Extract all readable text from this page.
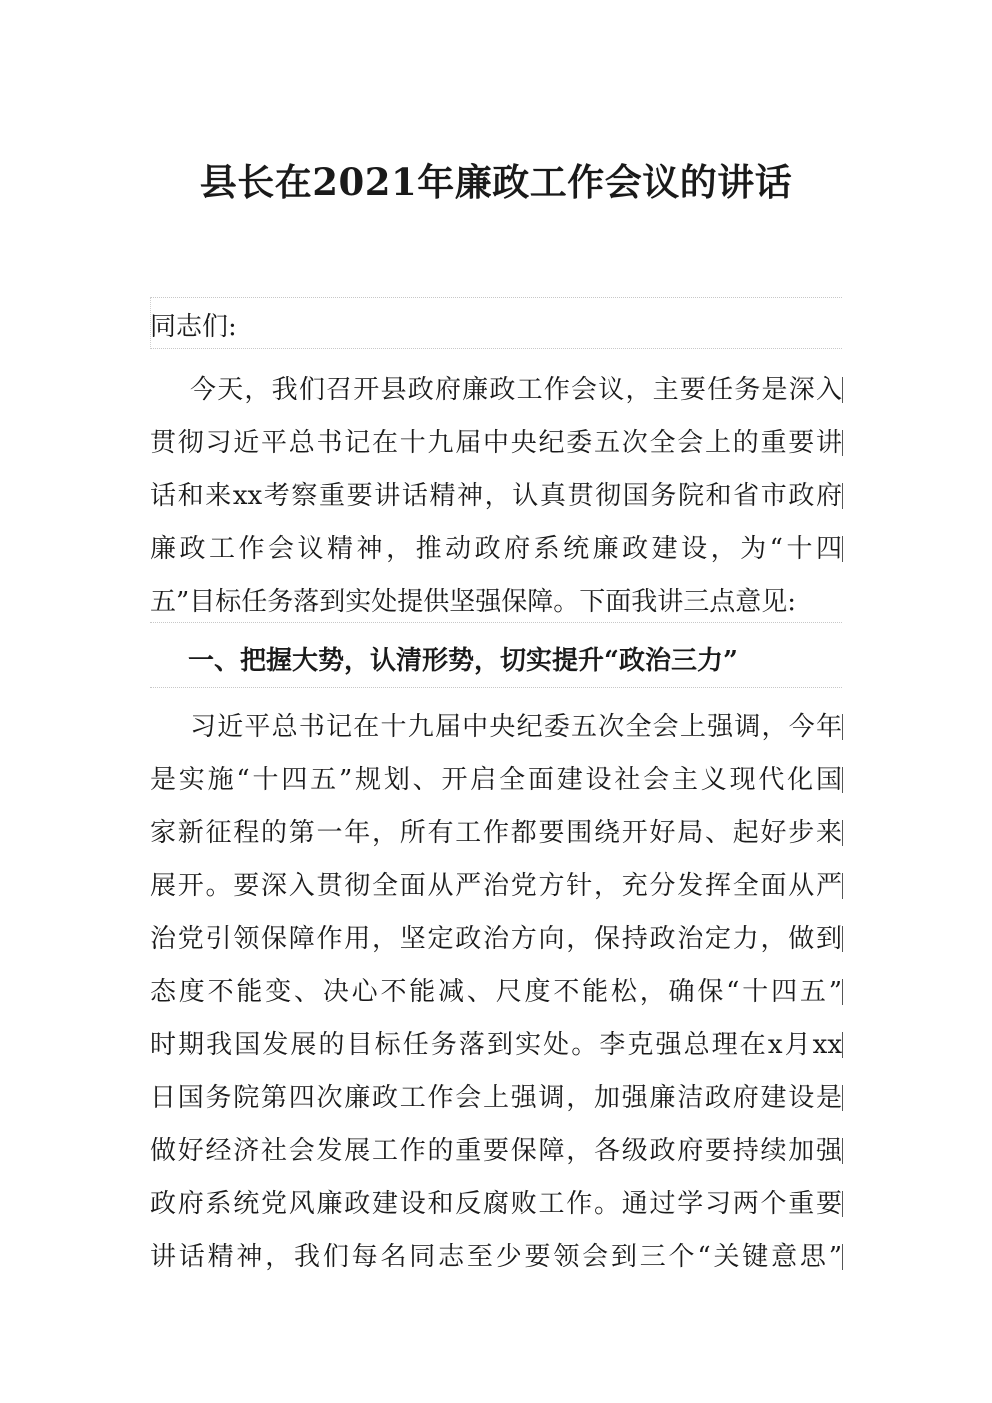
县长在2021年廉政工作会议的讲话

同志们:

今天，我们召开县政府廉政工作会议，主要任务是深入
贯彻习近平总书记在十九届中央纪委五次全会上的重要讲
话和来xx考察重要讲话精神，认真贯彻国务院和省市政府
廉政工作会议精神，推动政府系统廉政建设，为“十四
五”目标任务落到实处提供坚强保障。下面我讲三点意见:
一、把握大势，认清形势，切实提升“政治三力”
习近平总书记在十九届中央纪委五次全会上强调，今年
是实施“十四五”规划、开启全面建设社会主义现代化国
家新征程的第一年，所有工作都要围绕开好局、起好步来
展开。要深入贯彻全面从严治党方针，充分发挥全面从严
治党引领保障作用，坚定政治方向，保持政治定力，做到
态度不能变、决心不能减、尺度不能松，确保“十四五”
时期我国发展的目标任务落到实处。李克强总理在x月xx
日国务院第四次廉政工作会上强调，加强廉洁政府建设是
做好经济社会发展工作的重要保障，各级政府要持续加强
政府系统党风廉政建设和反腐败工作。通过学习两个重要
讲话精神，我们每名同志至少要领会到三个“关键意思”
